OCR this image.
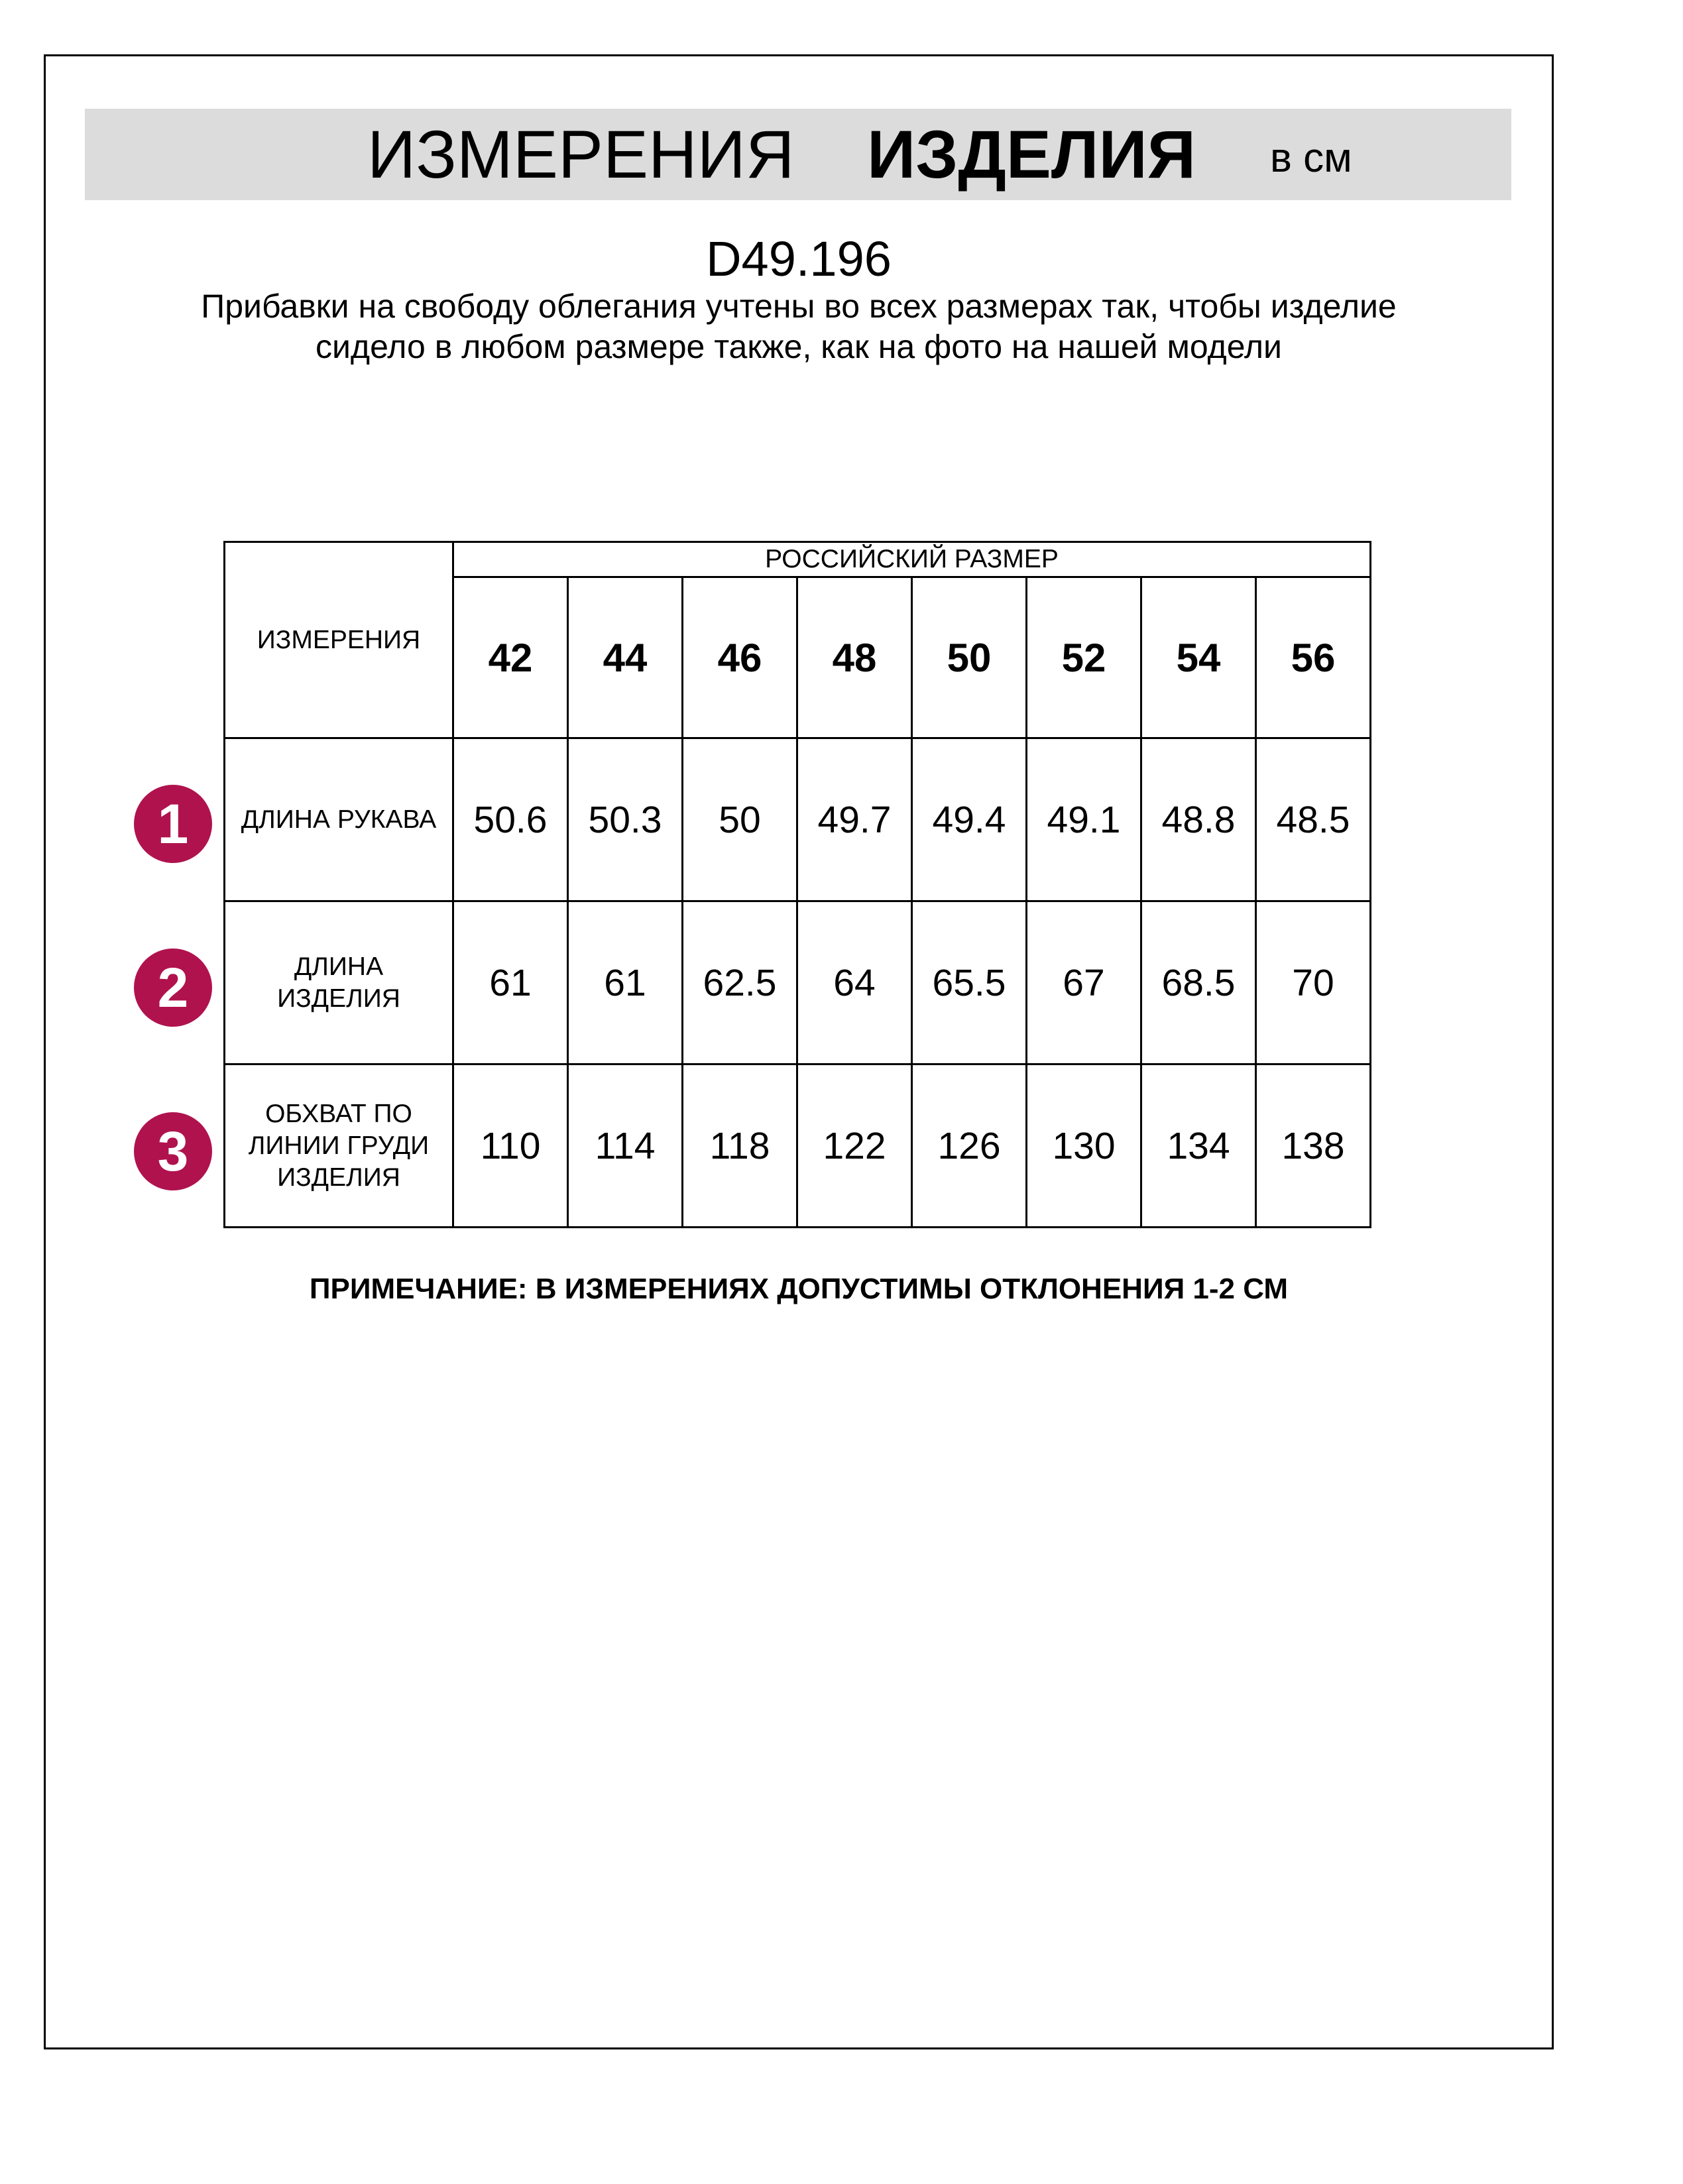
ИЗМЕРЕНИЯ ИЗДЕЛИЯ в см
D49.196
Прибавки на свободу облегания учтены во всех размерах так, чтобы изделие сидело в любом размере также, как на фото на нашей модели
ИЗМЕРЕНИЯ	РОССИЙСКИЙ РАЗМЕР							
	42	44	46	48	50	52	54	56
ДЛИНА РУКАВА	50.6	50.3	50	49.7	49.4	49.1	48.8	48.5
ДЛИНА ИЗДЕЛИЯ	61	61	62.5	64	65.5	67	68.5	70
ОБХВАТ ПО ЛИНИИ ГРУДИ ИЗДЕЛИЯ	110	114	118	122	126	130	134	138
1
2
3
ПРИМЕЧАНИЕ: В ИЗМЕРЕНИЯХ ДОПУСТИМЫ ОТКЛОНЕНИЯ 1-2 СМ
